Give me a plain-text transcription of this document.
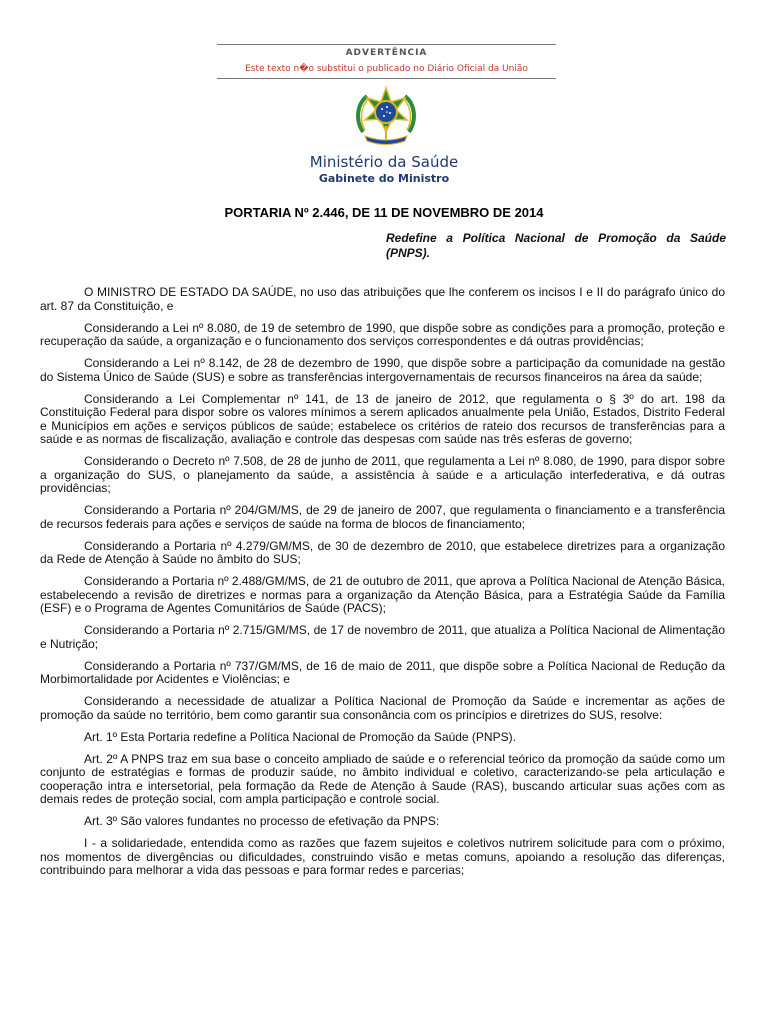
ADVERTÊNCIA
Este texto n�o substitui o publicado no Diário Oficial da União
Ministério da Saúde
Gabinete do Ministro
PORTARIA Nº 2.446, DE 11 DE NOVEMBRO DE 2014
Redefine a Política Nacional de Promoção da Saúde (PNPS).

O MINISTRO DE ESTADO DA SAÚDE, no uso das atribuições que lhe conferem os incisos I e II do parágrafo único do art. 87 da Constituição, e

Considerando a Lei nº 8.080, de 19 de setembro de 1990, que dispõe sobre as condições para a promoção, proteção e recuperação da saúde, a organização e o funcionamento dos serviços correspondentes e dá outras providências;

Considerando a Lei nº 8.142, de 28 de dezembro de 1990, que dispõe sobre a participação da comunidade na gestão do Sistema Único de Saúde (SUS) e sobre as transferências intergovernamentais de recursos financeiros na área da saúde;

Considerando a Lei Complementar nº 141, de 13 de janeiro de 2012, que regulamenta o § 3º do art. 198 da Constituição Federal para dispor sobre os valores mínimos a serem aplicados anualmente pela União, Estados, Distrito Federal e Municípios em ações e serviços públicos de saúde; estabelece os critérios de rateio dos recursos de transferências para a saúde e as normas de fiscalização, avaliação e controle das despesas com saúde nas três esferas de governo;

Considerando o Decreto nº 7.508, de 28 de junho de 2011, que regulamenta a Lei nº 8.080, de 1990, para dispor sobre a organização do SUS, o planejamento da saúde, a assistência à saúde e a articulação interfederativa, e dá outras providências;

Considerando a Portaria nº 204/GM/MS, de 29 de janeiro de 2007, que regulamenta o financiamento e a transferência de recursos federais para ações e serviços de saúde na forma de blocos de financiamento;

Considerando a Portaria nº 4.279/GM/MS, de 30 de dezembro de 2010, que estabelece diretrizes para a organização da Rede de Atenção à Saúde no âmbito do SUS;

Considerando a Portaria nº 2.488/GM/MS, de 21 de outubro de 2011, que aprova a Política Nacional de Atenção Básica, estabelecendo a revisão de diretrizes e normas para a organização da Atenção Básica, para a Estratégia Saúde da Família (ESF) e o Programa de Agentes Comunitários de Saúde (PACS);

Considerando a Portaria nº 2.715/GM/MS, de 17 de novembro de 2011, que atualiza a Política Nacional de Alimentação e Nutrição;

Considerando a Portaria nº 737/GM/MS, de 16 de maio de 2011, que dispõe sobre a Política Nacional de Redução da Morbimortalidade por Acidentes e Violências; e

Considerando a necessidade de atualizar a Política Nacional de Promoção da Saúde e incrementar as ações de promoção da saúde no território, bem como garantir sua consonância com os princípios e diretrizes do SUS, resolve:

Art. 1º Esta Portaria redefine a Política Nacional de Promoção da Saúde (PNPS).

Art. 2º A PNPS traz em sua base o conceito ampliado de saúde e o referencial teórico da promoção da saúde como um conjunto de estratégias e formas de produzir saúde, no âmbito individual e coletivo, caracterizando-se pela articulação e cooperação intra e intersetorial, pela formação da Rede de Atenção à Saude (RAS), buscando articular suas ações com as demais redes de proteção social, com ampla participação e controle social.

Art. 3º São valores fundantes no processo de efetivação da PNPS:

I - a solidariedade, entendida como as razões que fazem sujeitos e coletivos nutrirem solicitude para com o próximo, nos momentos de divergências ou dificuldades, construindo visão e metas comuns, apoiando a resolução das diferenças, contribuindo para melhorar a vida das pessoas e para formar redes e parcerias;
